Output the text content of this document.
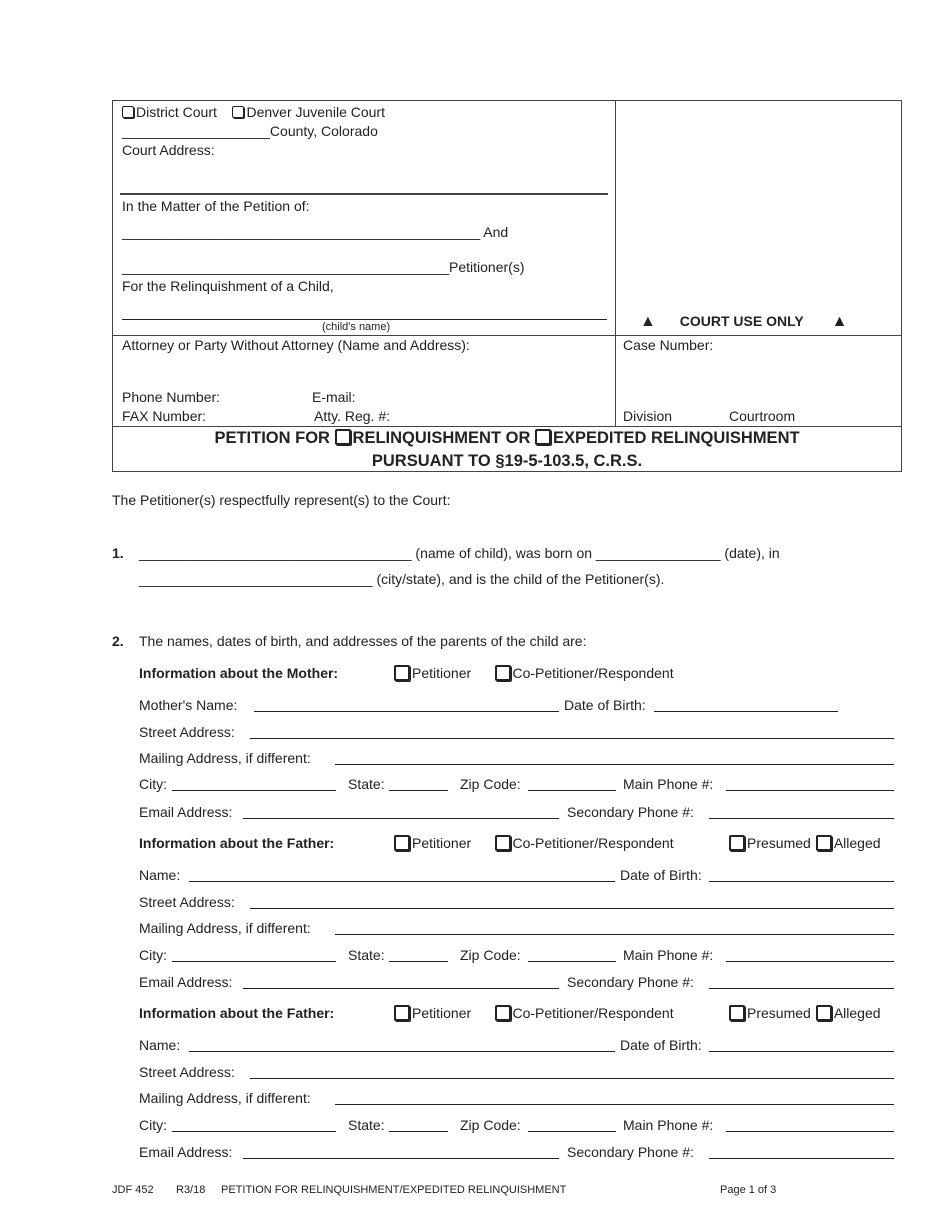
District Court Denver Juvenile Court
___________________County, Colorado
Court Address:
In the Matter of the Petition of:
______________________________________________ And
__________________________________________Petitioner(s)
For the Relinquishment of a Child,
(child's name)	▲ COURT USE ONLY ▲
Attorney or Party Without Attorney (Name and Address):	Case Number:
Phone Number:	E-mail:
FAX Number:	Atty. Reg. #:	Division	Courtroom
PETITION FOR RELINQUISHMENT OR EXPEDITED RELINQUISHMENT
PURSUANT TO §19-5-103.5, C.R.S.
The Petitioner(s) respectfully represent(s) to the Court:
1. ___________________________________ (name of child), was born on ________________ (date), in
______________________________ (city/state), and is the child of the Petitioner(s).
2. The names, dates of birth, and addresses of the parents of the child are:
Information about the Mother:	Petitioner	Co-Petitioner/Respondent
Mother's Name:	Date of Birth:
Street Address:
Mailing Address, if different:
City:	State:	Zip Code:	Main Phone #:
Email Address:	Secondary Phone #:
Information about the Father:	Petitioner	Co-Petitioner/Respondent	Presumed Alleged
Name:	Date of Birth:
Street Address:
Mailing Address, if different:
City:	State:	Zip Code:	Main Phone #:
Email Address:	Secondary Phone #:
Information about the Father:	Petitioner	Co-Petitioner/Respondent	Presumed Alleged
Name:	Date of Birth:
Street Address:
Mailing Address, if different:
City:	State:	Zip Code:	Main Phone #:
Email Address:	Secondary Phone #:
JDF 452 R3/18 PETITION FOR RELINQUISHMENT/EXPEDITED RELINQUISHMENT	Page 1 of 3
